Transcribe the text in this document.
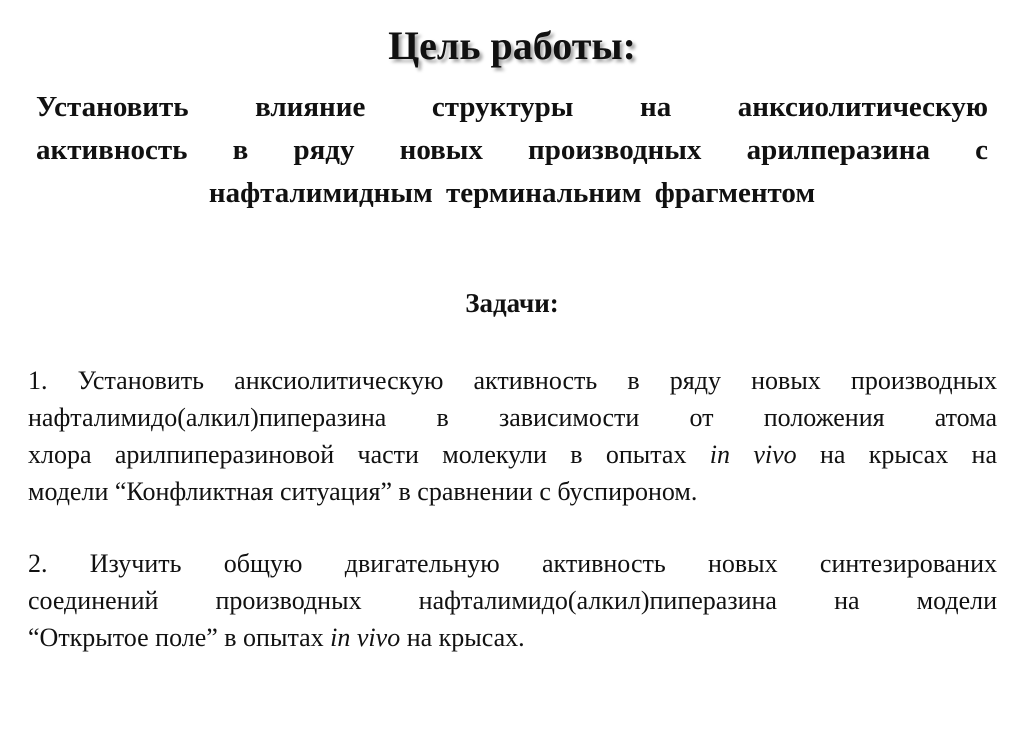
Цель работы:
Установить влияние структуры на анксиолитическую
активность в ряду новых производных арилперазина с
нафталимидным терминальним фрагментом
Задачи:
1. Установить анксиолитическую активность в ряду новых производных
нафталимидо(алкил)пиперазина в зависимости от положения атома
хлора арилпиперазиновой части молекули в опытах in vivo на крысах на
модели “Конфликтная ситуация” в сравнении с буспироном.
2. Изучить общую двигательную активность новых синтезированих
соединений производных нафталимидо(алкил)пиперазина на модели
“Открытое поле” в опытах in vivo на крысах.
